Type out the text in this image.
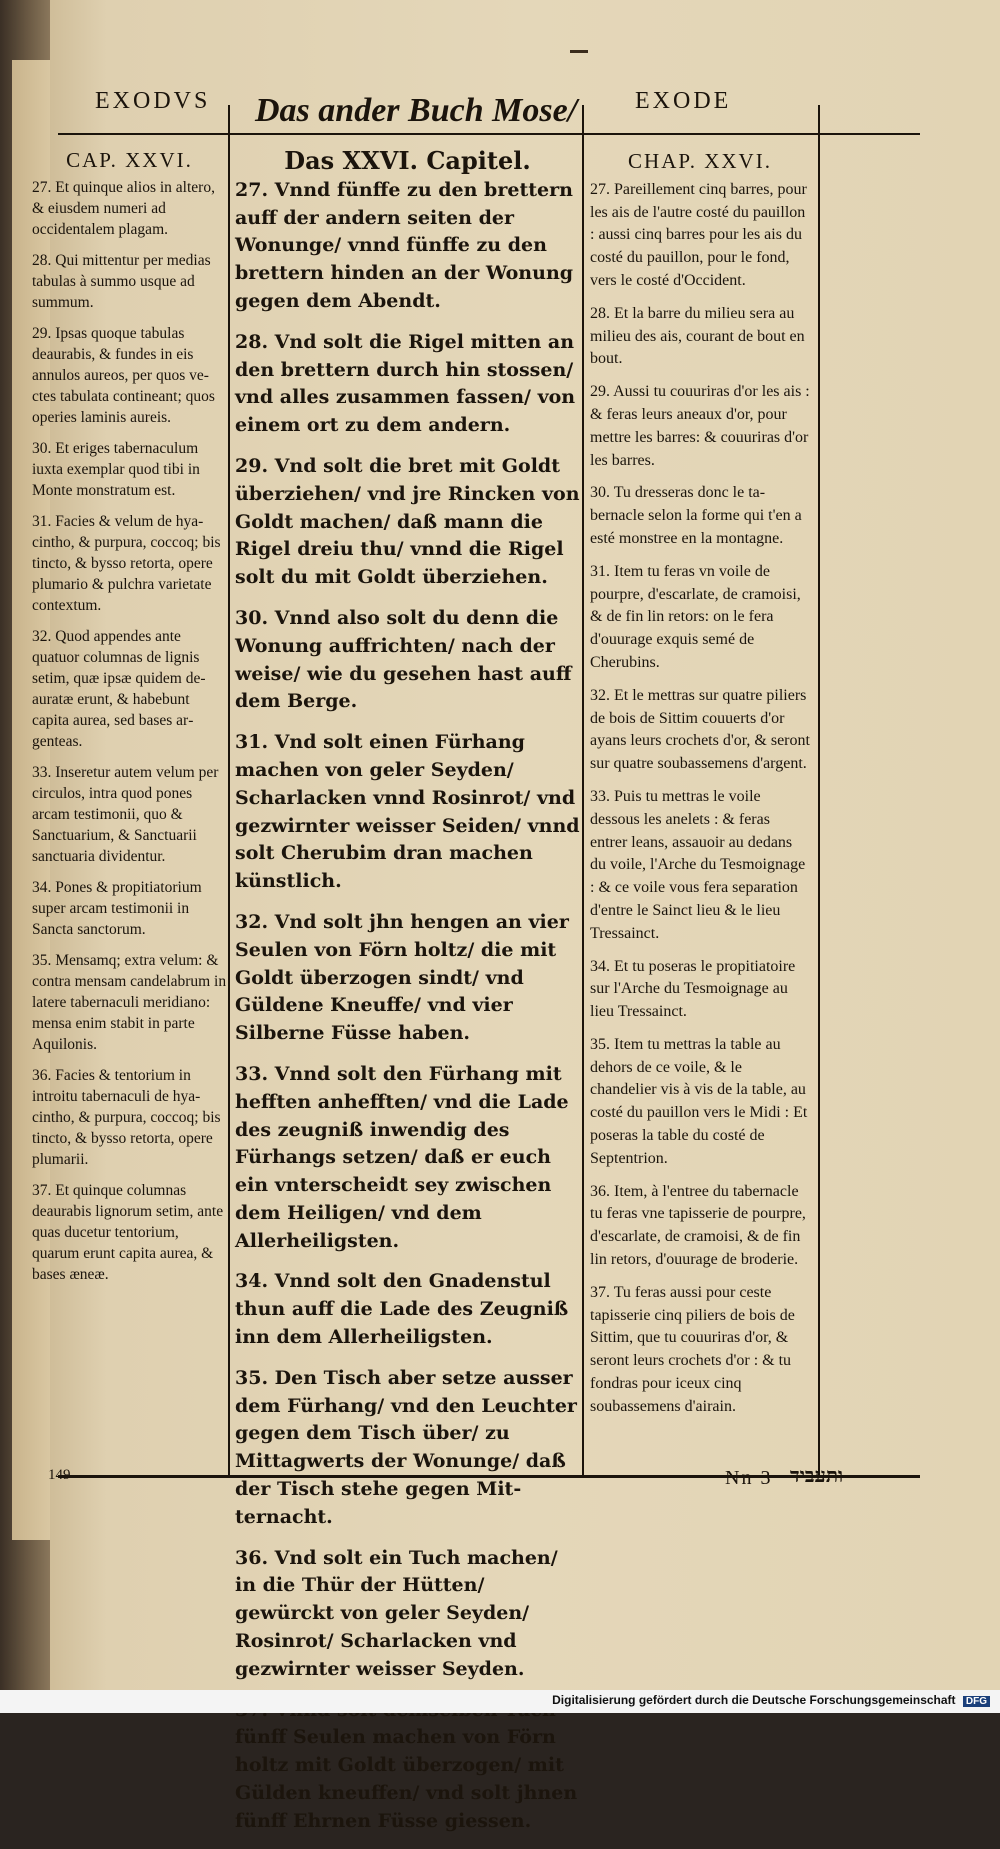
EXODVS Das ander Buch Mose/ EXODE

CAP. XXVI.

27. Et quinque alios in altero, & eiusdem numeri ad occidentalem plagam.

28. Qui mittentur per medias tabulas à summo usque ad summum.

29. Ipsas quoque tabulas deaurabis, & fundes in eis annulos aureos, per quos vectes tabulata contineant; quos operies laminis aureis.

30. Et eriges tabernaculum iuxta exemplar quod tibi in Monte monstratum est.

31. Facies & velum de hyacintho, & purpura, coccoq; bis tincto, & bysso retorta, opere plumario & pulchra varietate contextum.

32. Quod appendes ante quatuor columnas de lignis setim, quæ ipsæ quidem deauratæ erunt, & habebunt capita aurea, sed bases argenteas.

33. Inseretur autem velum per circulos, intra quod pones arcam testimonii, quo & Sanctuarium, & Sanctuarii sanctuaria dividentur.

34. Pones & propitiatorium super arcam testimonii in Sancta sanctorum.

35. Mensamq; extra velum: & contra mensam candelabrum in latere tabernaculi meridiano: mensa enim stabit in parte Aquilonis.

36. Facies & tentorium in introitu tabernaculi de hyacintho, & purpura, coccoq; bis tincto, & bysso retorta, opere plumarii.

37. Et quinque columnas deaurabis lignorum setim, ante quas ducetur tentorium, quarum erunt capita aurea, & bases æneæ.

Das XXVI. Capitel.

27. Vnnd fünffe zu den brettern auff der andern seiten der Wonunge/ vnnd fünffe zu den brettern hinden an der Wonung gegen dem Abendt.

28. Vnd solt die Rigel mitten an den brettern durch hin stossen/ vnd alles zusammen fassen/ von einem ort zu dem andern.

29. Vnd solt die bret mit Goldt überziehen/ vnd jre Rincken von Goldt machen/ daß mann die Rigel dreiu thu/ vnnd die Rigel solt du mit Goldt überziehen.

30. Vnnd also solt du denn die Wonung auffrichten/ nach der weise/ wie du gesehen hast auff dem Berge.

31. Vnd solt einen Fürhang machen von geler Seyden/ Scharlacken vnnd Rosinrot/ vnd gezwirnter weisser Seiden/ vnnd solt Cherubim dran machen künstlich.

32. Vnd solt jhn hengen an vier Seulen von Förn holtz/ die mit Goldt überzogen sindt/ vnd Güldene Kneuffe/ vnd vier Silberne Füsse haben.

33. Vnnd solt den Fürhang mit hefften anhefften/ vnd die Lade des zeugniß inwendig des Fürhangs setzen/ daß er euch ein vnterscheidt sey zwischen dem Heiligen/ vnd dem Allerheiligsten.

34. Vnnd solt den Gnadenstul thun auff die Lade des Zeugniß inn dem Allerheiligsten.

35. Den Tisch aber setze ausser dem Fürhang/ vnd den Leuchter gegen dem Tisch über/ zu Mittagwerts der Wonunge/ daß der Tisch stehe gegen Mitternacht.

36. Vnd solt ein Tuch machen/ in die Thür der Hütten/ gewürckt von geler Seyden/ Rosinrot/ Scharlacken vnd gezwirnter weisser Seyden.

fünff Seulen machen von Förn holtz mit Goldt überzogen/ mit Gülden kneuffen/ vnd solt jhnen fünff Ehrnen Füsse giessen.

CHAP. XXVI.

27. Pareillement cinq barres, pour les ais de l'autre costé du pauillon : aussi cinq barres pour les ais du costé du pauillon, pour le fond, vers le costé d'Occident.

28. Et la barre du milieu sera au milieu des ais, courant de bout en bout.

29. Aussi tu couuriras d'or les ais : & feras leurs aneaux d'or, pour mettre les barres: & couuriras d'or les barres.

30. Tu dresseras donc le tabernacle selon la forme qui t'en a esté monstree en la montagne.

31. Item tu feras vn voile de pourpre, d'escarlate, de cramoisi, & de fin lin retors: on le fera d'ouurage exquis semé de Cherubins.

32. Et le mettras sur quatre piliers de bois de Sittim couuerts d'or ayans leurs crochets d'or, & seront sur quatre soubassemens d'argent.

33. Puis tu mettras le voile dessous les anelets : & feras entrer leans, assauoir au dedans du voile, l'Arche du Tesmoignage : & ce voile vous fera separation d'entre le Sainct lieu & le lieu Tressainct.

34. Et tu poseras le propitiatoire sur l'Arche du Tesmoignage au lieu Tressainct.

35. Item tu mettras la table au dehors de ce voile, & le chandelier vis à vis de la table, au costé du pauillon vers le Midi : Et poseras la table du costé de Septentrion.

36. Item, à l'entree du tabernacle tu feras vne tapisserie de pourpre, d'escarlate, de cramoisi, & de fin lin retors, d'ouurage de broderie.

37. Tu feras aussi pour ceste tapisserie cinq piliers de bois de Sittim, que tu couuriras d'or, & seront leurs crochets d'or : & tu fondras pour iceux cinq soubassemens d'airain.

149	Nn 3 ותעביד
Digitalisierung gefördert durch die Deutsche Forschungsgemeinschaft DFG
